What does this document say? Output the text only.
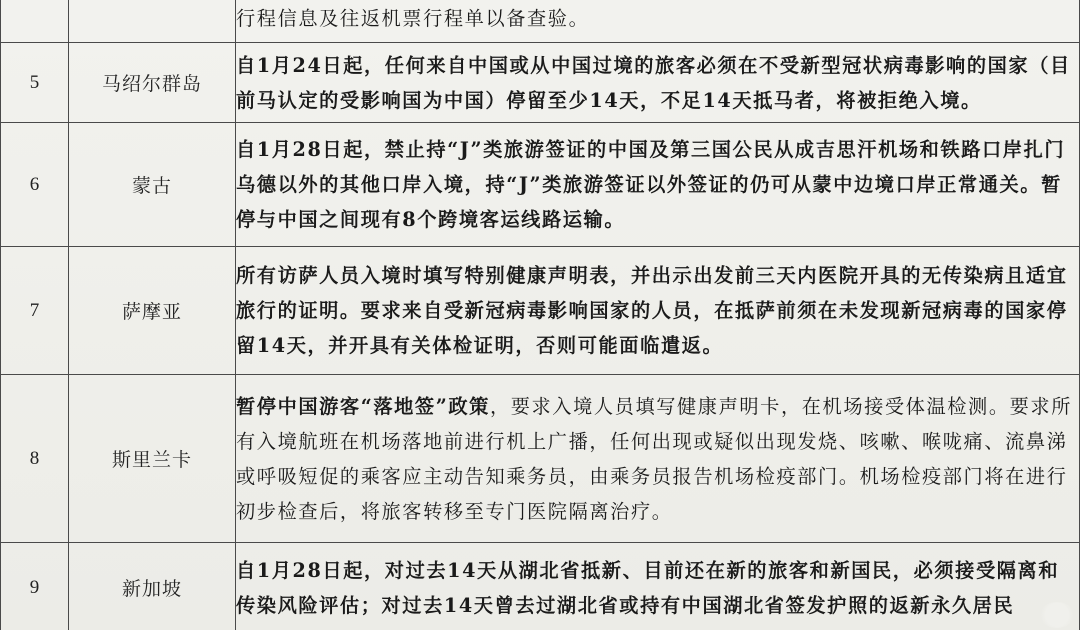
		行程信息及往返机票行程单以备查验。
5	马绍尔群岛	自1月24日起，任何来自中国或从中国过境的旅客必须在不受新型冠状病毒影响的国家（目前马认定的受影响国为中国）停留至少14天，不足14天抵马者，将被拒绝入境。
6	蒙古	自1月28日起，禁止持“J”类旅游签证的中国及第三国公民从成吉思汗机场和铁路口岸扎门乌德以外的其他口岸入境，持“J”类旅游签证以外签证的仍可从蒙中边境口岸正常通关。暂停与中国之间现有8个跨境客运线路运输。
7	萨摩亚	所有访萨人员入境时填写特别健康声明表，并出示出发前三天内医院开具的无传染病且适宜旅行的证明。要求来自受新冠病毒影响国家的人员，在抵萨前须在未发现新冠病毒的国家停留14天，并开具有关体检证明，否则可能面临遣返。
8	斯里兰卡	暂停中国游客“落地签”政策，要求入境人员填写健康声明卡，在机场接受体温检测。要求所有入境航班在机场落地前进行机上广播，任何出现或疑似出现发烧、咳嗽、喉咙痛、流鼻涕或呼吸短促的乘客应主动告知乘务员，由乘务员报告机场检疫部门。机场检疫部门将在进行初步检查后，将旅客转移至专门医院隔离治疗。
9	新加坡	自1月28日起，对过去14天从湖北省抵新、目前还在新的旅客和新国民，必须接受隔离和传染风险评估；对过去14天曾去过湖北省或持有中国湖北省签发护照的返新永久居民
